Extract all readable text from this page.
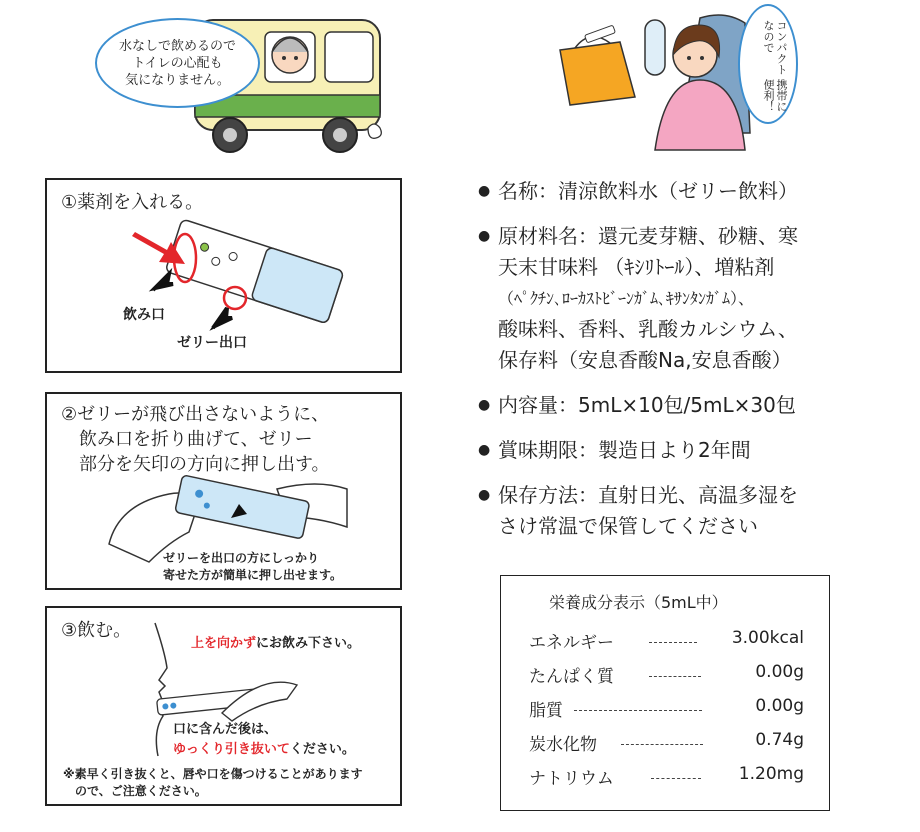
水なしで飲めるので
トイレの心配も
気になりません。
コンパクトなので
携帯に便利！
①薬剤を入れる。
飲み口
ゼリー出口
②ゼリーが飛び出さないように、
飲み口を折り曲げて、ゼリー
部分を矢印の方向に押し出す。
ゼリーを出口の方にしっかり
寄せた方が簡単に押し出せます。
③飲む。
上を向かずにお飲み下さい。
口に含んだ後は、
ゆっくり引き抜いてください。
※素早く引き抜くと、唇や口を傷つけることがあります
ので、ご注意ください。
● 名称：清涼飲料水（ゼリー飲料）
● 原材料名：還元麦芽糖、砂糖、寒
天末甘味料 （ｷｼﾘﾄｰﾙ）、増粘剤
（ﾍﾟｸﾁﾝ､ﾛｰｶｽﾄﾋﾞｰﾝｶﾞﾑ､ｷｻﾝﾀﾝｶﾞﾑ）、
酸味料、香料、乳酸カルシウム、
保存料（安息香酸Na,安息香酸）
● 内容量：5mL×10包/5mL×30包
● 賞味期限：製造日より2年間
● 保存方法：直射日光、高温多湿を
さけ常温で保管してください
栄養成分表示（5mL中）
エネルギー	3.00kcal
たんぱく質	0.00g
脂質	0.00g
炭水化物	0.74g
ナトリウム	1.20mg
